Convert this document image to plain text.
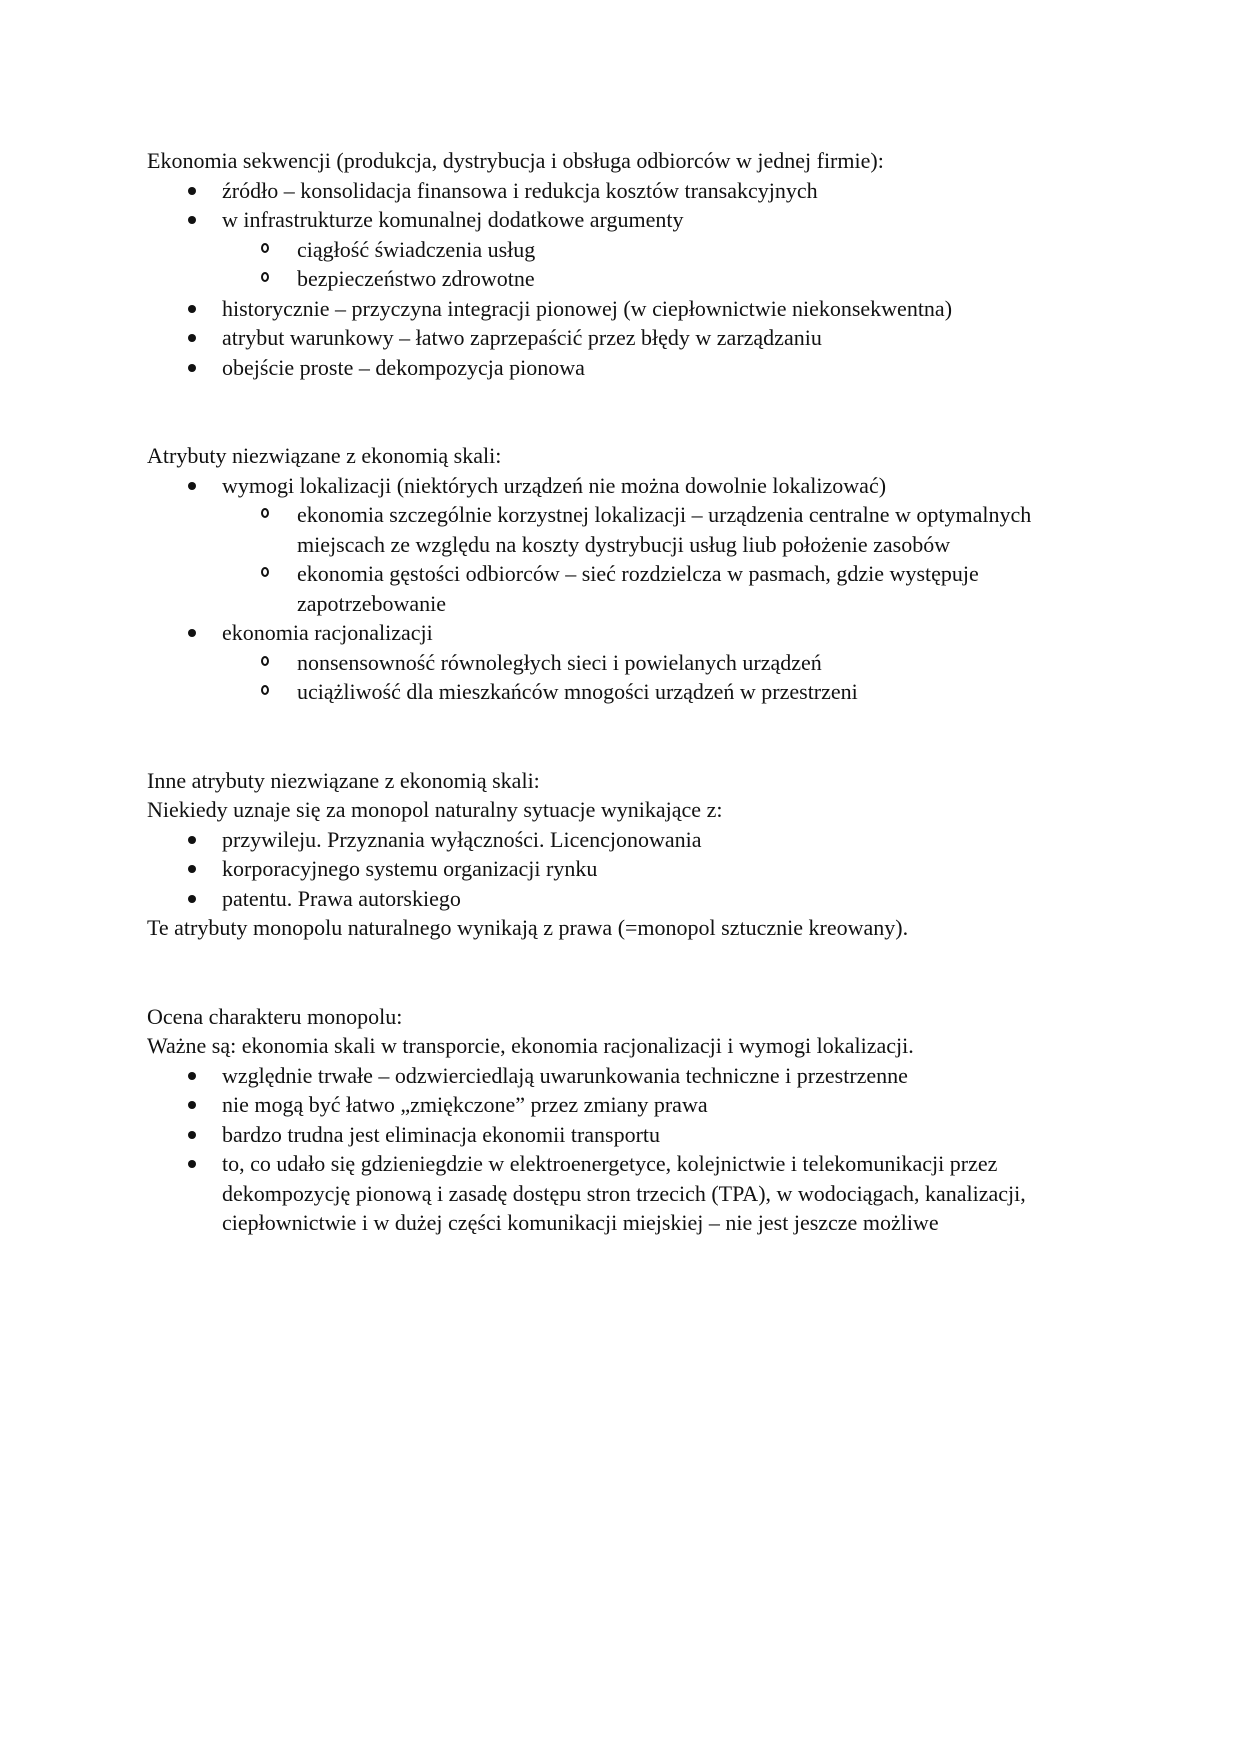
Ekonomia sekwencji (produkcja, dystrybucja i obsługa odbiorców w jednej firmie):

źródło – konsolidacja finansowa i redukcja kosztów transakcyjnych
w infrastrukturze komunalnej dodatkowe argumenty
ciągłość świadczenia usług
bezpieczeństwo zdrowotne
historycznie – przyczyna integracji pionowej (w ciepłownictwie niekonsekwentna)
atrybut warunkowy – łatwo zaprzepaścić przez błędy w zarządzaniu
obejście proste – dekompozycja pionowa

Atrybuty niezwiązane z ekonomią skali:

wymogi lokalizacji (niektórych urządzeń nie można dowolnie lokalizować)
ekonomia szczególnie korzystnej lokalizacji – urządzenia centralne w optymalnych miejscach ze względu na koszty dystrybucji usług liub położenie zasobów
ekonomia gęstości odbiorców – sieć rozdzielcza w pasmach, gdzie występuje zapotrzebowanie
ekonomia racjonalizacji
nonsensowność równoległych sieci i powielanych urządzeń
uciążliwość dla mieszkańców mnogości urządzeń w przestrzeni

Inne atrybuty niezwiązane z ekonomią skali:

Niekiedy uznaje się za monopol naturalny sytuacje wynikające z:

przywileju. Przyznania wyłączności. Licencjonowania
korporacyjnego systemu organizacji rynku
patentu. Prawa autorskiego

Te atrybuty monopolu naturalnego wynikają z prawa (=monopol sztucznie kreowany).

Ocena charakteru monopolu:

Ważne są: ekonomia skali w transporcie, ekonomia racjonalizacji i wymogi lokalizacji.

względnie trwałe – odzwierciedlają uwarunkowania techniczne i przestrzenne
nie mogą być łatwo „zmiękczone” przez zmiany prawa
bardzo trudna jest eliminacja ekonomii transportu
to, co udało się gdzieniegdzie w elektroenergetyce, kolejnictwie i telekomunikacji przez dekompozycję pionową i zasadę dostępu stron trzecich (TPA), w wodociągach, kanalizacji, ciepłownictwie i w dużej części komunikacji miejskiej – nie jest jeszcze możliwe
